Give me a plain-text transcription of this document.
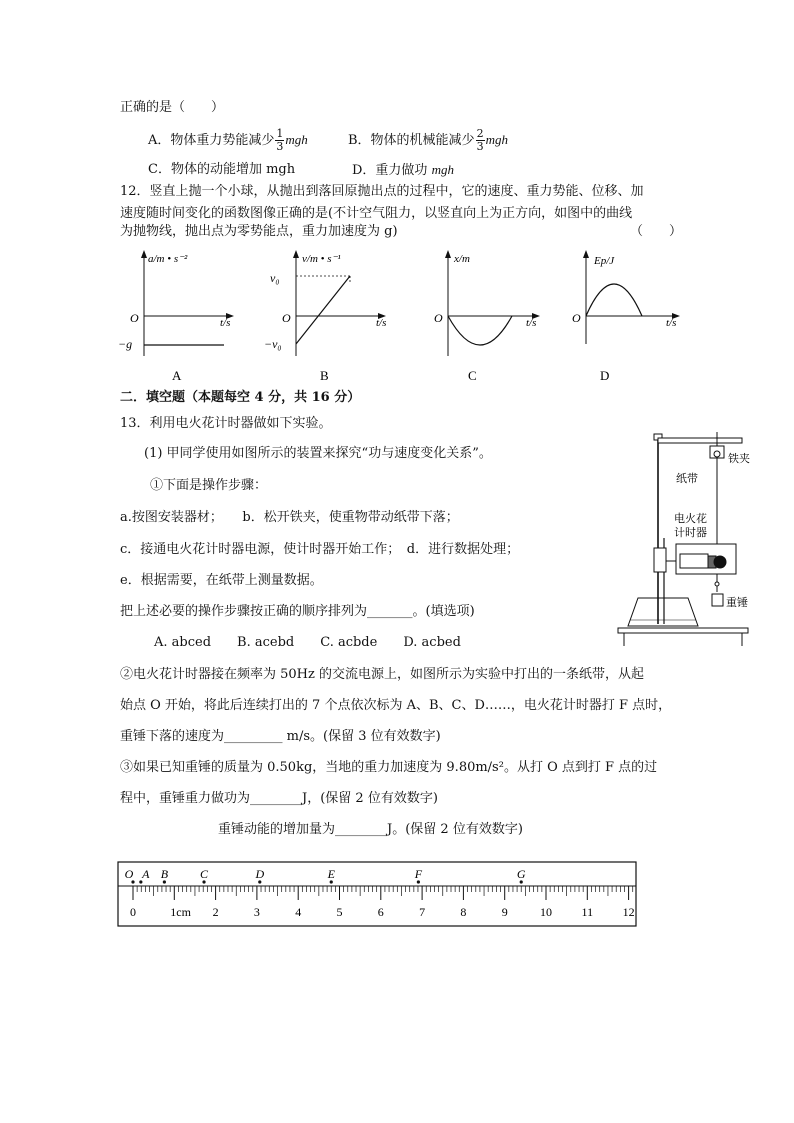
正确的是（　　）
A．物体重力势能减少 $\frac{1}{3}$ mgh	B．物体的机械能减少 $\frac{2}{3}$ mgh
C．物体的动能增加 mgh	D．重力做功 mgh
12．竖直上抛一个小球，从抛出到落回原抛出点的过程中，它的速度、重力势能、位移、加
速度随时间变化的函数图像正确的是(不计空气阻力，以竖直向上为正方向，如图中的曲线
为抛物线，抛出点为零势能点，重力加速度为 g)	（　　）
a/m • s⁻²
O	t/s
−g
A
v/m • s⁻¹
v₀
O	t/s
−v₀
B
x/m
O	t/s
C
Ep/J
O	t/s
D
二．填空题（本题每空 4 分，共 16 分）
13．利用电火花计时器做如下实验。
(1) 甲同学使用如图所示的装置来探究“功与速度变化关系”。
①下面是操作步骤：
a.按图安装器材；　　b．松开铁夹，使重物带动纸带下落；
c．接通电火花计时器电源，使计时器开始工作；　d．进行数据处理；
e．根据需要，在纸带上测量数据。
把上述必要的操作步骤按正确的顺序排列为_______。(填选项)
A. abced　　B. acebd　　C. acbde　　D. acbed
②电火花计时器接在频率为 50Hz 的交流电源上，如图所示为实验中打出的一条纸带，从起
始点 O 开始，将此后连续打出的 7 个点依次标为 A、B、C、D……，电火花计时器打 F 点时，
重锤下落的速度为_________ m/s。(保留 3 位有效数字)
③如果已知重锤的质量为 0.50kg，当地的重力加速度为 9.80m/s²。从打 O 点到打 F 点的过
程中，重锤重力做功为________J，(保留 2 位有效数字)
重锤动能的增加量为________J。(保留 2 位有效数字)
铁夹
纸带
电火花
计时器
重锤
0	1cm 2	3	4	5	6	7	8	9	10 11 12
O A B	C	D	E	F	G
